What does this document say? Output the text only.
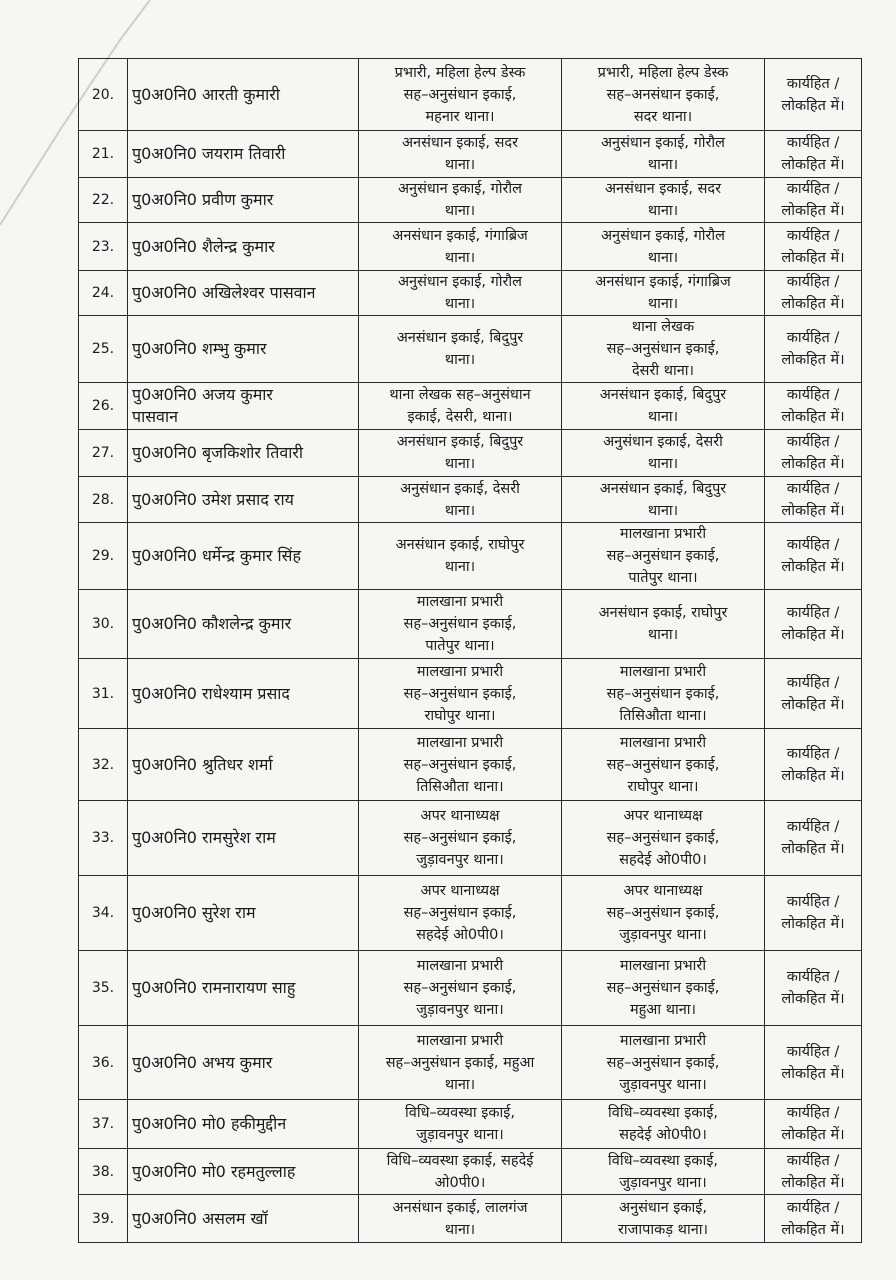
20.	पु0अ0नि0 आरती कुमारी	प्रभारी, महिला हेल्प डेस्क
सह–अनुसंधान इकाई,
महनार थाना।	प्रभारी, महिला हेल्प डेस्क
सह–अनसंधान इकाई,
सदर थाना।	कार्यहित /
लोकहित में।

21.	पु0अ0नि0 जयराम तिवारी	अनसंधान इकाई, सदर
थाना।	अनुसंधान इकाई, गोरौल
थाना।	कार्यहित /
लोकहित में।

22.	पु0अ0नि0 प्रवीण कुमार	अनुसंधान इकाई, गोरौल
थाना।	अनसंधान इकाई, सदर
थाना।	कार्यहित /
लोकहित में।

23.	पु0अ0नि0 शैलेन्द्र कुमार	अनसंधान इकाई, गंगाब्रिज
थाना।	अनुसंधान इकाई, गोरौल
थाना।	कार्यहित /
लोकहित में।

24.	पु0अ0नि0 अखिलेश्वर पासवान	अनुसंधान इकाई, गोरौल
थाना।	अनसंधान इकाई, गंगाब्रिज
थाना।	कार्यहित /
लोकहित में।

25.	पु0अ0नि0 शम्भु कुमार	अनसंधान इकाई, बिदुपुर
थाना।	थाना लेखक
सह–अनुसंधान इकाई,
देसरी थाना।	कार्यहित /
लोकहित में।

26.	पु0अ0नि0 अजय कुमार
पासवान	थाना लेखक सह–अनुसंधान
इकाई, देसरी, थाना।	अनसंधान इकाई, बिदुपुर
थाना।	कार्यहित /
लोकहित में।

27.	पु0अ0नि0 बृजकिशोर तिवारी	अनसंधान इकाई, बिदुपुर
थाना।	अनुसंधान इकाई, देसरी
थाना।	कार्यहित /
लोकहित में।

28.	पु0अ0नि0 उमेश प्रसाद राय	अनुसंधान इकाई, देसरी
थाना।	अनसंधान इकाई, बिदुपुर
थाना।	कार्यहित /
लोकहित में।

29.	पु0अ0नि0 धर्मेन्द्र कुमार सिंह	अनसंधान इकाई, राघोपुर
थाना।	मालखाना प्रभारी
सह–अनुसंधान इकाई,
पातेपुर थाना।	कार्यहित /
लोकहित में।

30.	पु0अ0नि0 कौशलेन्द्र कुमार	मालखाना प्रभारी
सह–अनुसंधान इकाई,
पातेपुर थाना।	अनसंधान इकाई, राघोपुर
थाना।	कार्यहित /
लोकहित में।

31.	पु0अ0नि0 राधेश्याम प्रसाद	मालखाना प्रभारी
सह–अनुसंधान इकाई,
राघोपुर थाना।	मालखाना प्रभारी
सह–अनुसंधान इकाई,
तिसिऔता थाना।	कार्यहित /
लोकहित में।

32.	पु0अ0नि0 श्रुतिधर शर्मा	मालखाना प्रभारी
सह–अनुसंधान इकाई,
तिसिऔता थाना।	मालखाना प्रभारी
सह–अनुसंधान इकाई,
राघोपुर थाना।	कार्यहित /
लोकहित में।

33.	पु0अ0नि0 रामसुरेश राम	अपर थानाध्यक्ष
सह–अनुसंधान इकाई,
जुड़ावनपुर थाना।	अपर थानाध्यक्ष
सह–अनुसंधान इकाई,
सहदेई ओ0पी0।	कार्यहित /
लोकहित में।

34.	पु0अ0नि0 सुरेश राम	अपर थानाध्यक्ष
सह–अनुसंधान इकाई,
सहदेई ओ0पी0।	अपर थानाध्यक्ष
सह–अनुसंधान इकाई,
जुड़ावनपुर थाना।	कार्यहित /
लोकहित में।

35.	पु0अ0नि0 रामनारायण साहु	मालखाना प्रभारी
सह–अनुसंधान इकाई,
जुड़ावनपुर थाना।	मालखाना प्रभारी
सह–अनुसंधान इकाई,
महुआ थाना।	कार्यहित /
लोकहित में।

36.	पु0अ0नि0 अभय कुमार	मालखाना प्रभारी
सह–अनुसंधान इकाई, महुआ
थाना।	मालखाना प्रभारी
सह–अनुसंधान इकाई,
जुड़ावनपुर थाना।	कार्यहित /
लोकहित में।

37.	पु0अ0नि0 मो0 हकीमुद्दीन	विधि–व्यवस्था इकाई,
जुड़ावनपुर थाना।	विधि–व्यवस्था इकाई,
सहदेई ओ0पी0।	कार्यहित /
लोकहित में।

38.	पु0अ0नि0 मो0 रहमतुल्लाह	विधि–व्यवस्था इकाई, सहदेई
ओ0पी0।	विधि–व्यवस्था इकाई,
जुड़ावनपुर थाना।	कार्यहित /
लोकहित में।

39.	पु0अ0नि0 असलम खॉ	अनसंधान इकाई, लालगंज
थाना।	अनुसंधान इकाई,
राजापाकड़ थाना।	कार्यहित /
लोकहित में।
